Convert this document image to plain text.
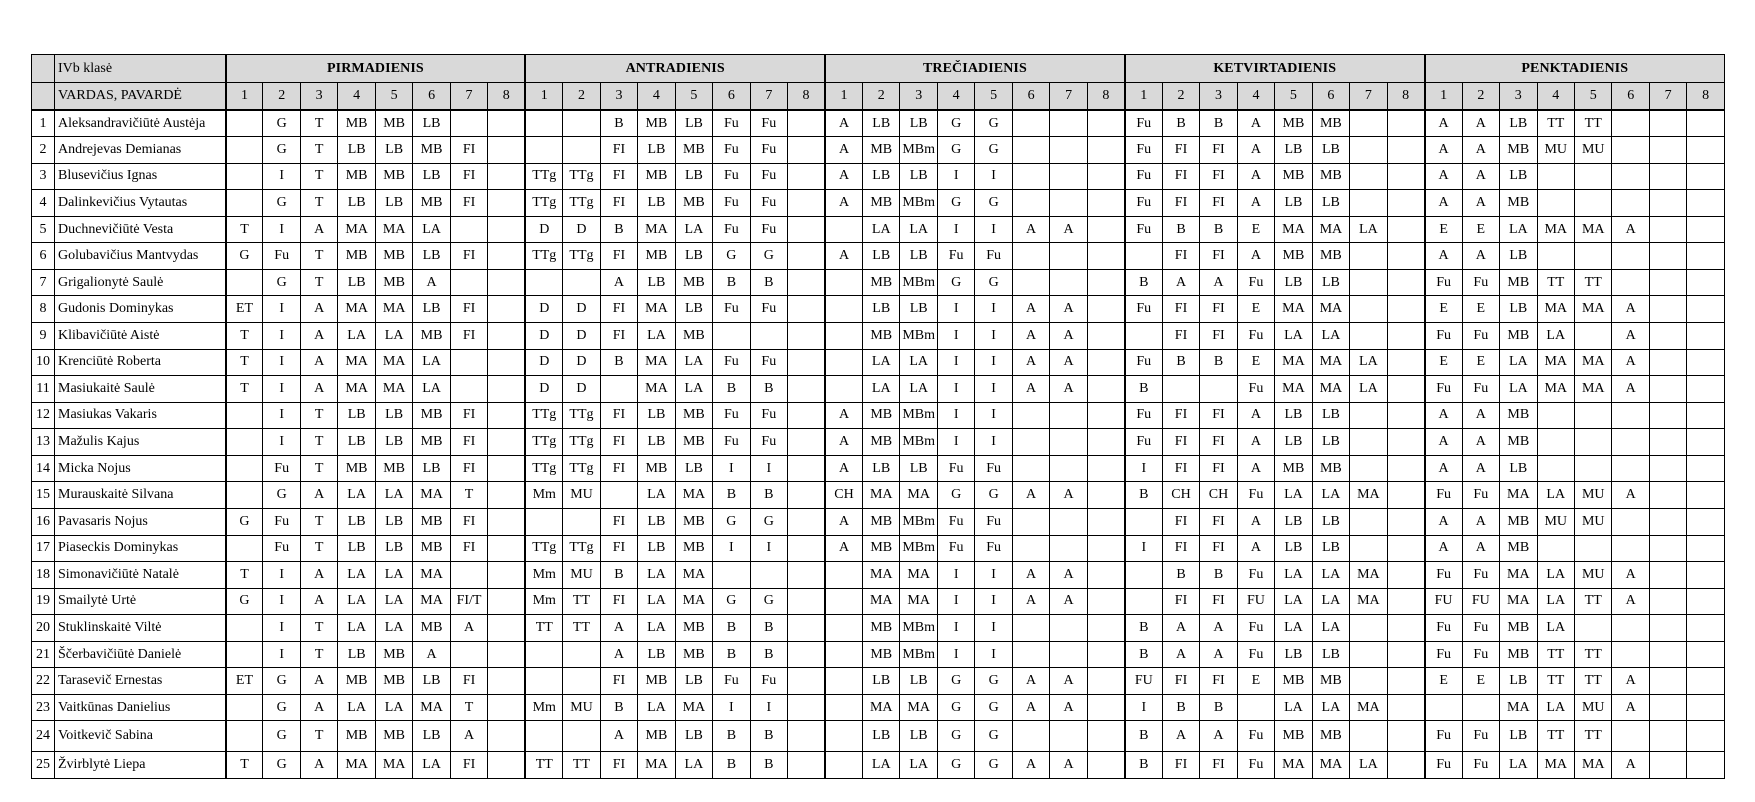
	IVb klasė	PIRMADIENIS								ANTRADIENIS								TREČIADIENIS								KETVIRTADIENIS								PENKTADIENIS							
	VARDAS, PAVARDĖ	1	2	3	4	5	6	7	8	1	2	3	4	5	6	7	8	1	2	3	4	5	6	7	8	1	2	3	4	5	6	7	8	1	2	3	4	5	6	7	8
1	Aleksandravičiūtė Austėja		G	T	MB	MB	LB					B	MB	LB	Fu	Fu		A	LB	LB	G	G				Fu	B	B	A	MB	MB			A	A	LB	TT	TT			
2	Andrejevas Demianas		G	T	LB	LB	MB	FI				FI	LB	MB	Fu	Fu		A	MB	MBm	G	G				Fu	FI	FI	A	LB	LB			A	A	MB	MU	MU			
3	Blusevičius Ignas		I	T	MB	MB	LB	FI		TTg	TTg	FI	MB	LB	Fu	Fu		A	LB	LB	I	I				Fu	FI	FI	A	MB	MB			A	A	LB					
4	Dalinkevičius Vytautas		G	T	LB	LB	MB	FI		TTg	TTg	FI	LB	MB	Fu	Fu		A	MB	MBm	G	G				Fu	FI	FI	A	LB	LB			A	A	MB					
5	Duchnevičiūtė Vesta	T	I	A	MA	MA	LA			D	D	B	MA	LA	Fu	Fu			LA	LA	I	I	A	A		Fu	B	B	E	MA	MA	LA		E	E	LA	MA	MA	A		
6	Golubavičius Mantvydas	G	Fu	T	MB	MB	LB	FI		TTg	TTg	FI	MB	LB	G	G		A	LB	LB	Fu	Fu					FI	FI	A	MB	MB			A	A	LB					
7	Grigalionytė Saulė		G	T	LB	MB	A					A	LB	MB	B	B			MB	MBm	G	G				B	A	A	Fu	LB	LB			Fu	Fu	MB	TT	TT			
8	Gudonis Dominykas	ET	I	A	MA	MA	LB	FI		D	D	FI	MA	LB	Fu	Fu			LB	LB	I	I	A	A		Fu	FI	FI	E	MA	MA			E	E	LB	MA	MA	A		
9	Klibavičiūtė Aistė	T	I	A	LA	LA	MB	FI		D	D	FI	LA	MB					MB	MBm	I	I	A	A			FI	FI	Fu	LA	LA			Fu	Fu	MB	LA		A		
10	Krenciūtė Roberta	T	I	A	MA	MA	LA			D	D	B	MA	LA	Fu	Fu			LA	LA	I	I	A	A		Fu	B	B	E	MA	MA	LA		E	E	LA	MA	MA	A		
11	Masiukaitė Saulė	T	I	A	MA	MA	LA			D	D		MA	LA	B	B			LA	LA	I	I	A	A		B			Fu	MA	MA	LA		Fu	Fu	LA	MA	MA	A		
12	Masiukas Vakaris		I	T	LB	LB	MB	FI		TTg	TTg	FI	LB	MB	Fu	Fu		A	MB	MBm	I	I				Fu	FI	FI	A	LB	LB			A	A	MB					
13	Mažulis Kajus		I	T	LB	LB	MB	FI		TTg	TTg	FI	LB	MB	Fu	Fu		A	MB	MBm	I	I				Fu	FI	FI	A	LB	LB			A	A	MB					
14	Micka Nojus		Fu	T	MB	MB	LB	FI		TTg	TTg	FI	MB	LB	I	I		A	LB	LB	Fu	Fu				I	FI	FI	A	MB	MB			A	A	LB					
15	Murauskaitė Silvana		G	A	LA	LA	MA	T		Mm	MU		LA	MA	B	B		CH	MA	MA	G	G	A	A		B	CH	CH	Fu	LA	LA	MA		Fu	Fu	MA	LA	MU	A		
16	Pavasaris Nojus	G	Fu	T	LB	LB	MB	FI				FI	LB	MB	G	G		A	MB	MBm	Fu	Fu					FI	FI	A	LB	LB			A	A	MB	MU	MU			
17	Piaseckis Dominykas		Fu	T	LB	LB	MB	FI		TTg	TTg	FI	LB	MB	I	I		A	MB	MBm	Fu	Fu				I	FI	FI	A	LB	LB			A	A	MB					
18	Simonavičiūtė Natalė	T	I	A	LA	LA	MA			Mm	MU	B	LA	MA					MA	MA	I	I	A	A			B	B	Fu	LA	LA	MA		Fu	Fu	MA	LA	MU	A		
19	Smailytė Urtė	G	I	A	LA	LA	MA	FI/T		Mm	TT	FI	LA	MA	G	G			MA	MA	I	I	A	A			FI	FI	FU	LA	LA	MA		FU	FU	MA	LA	TT	A		
20	Stuklinskaitė Viltė		I	T	LA	LA	MB	A		TT	TT	A	LA	MB	B	B			MB	MBm	I	I				B	A	A	Fu	LA	LA			Fu	Fu	MB	LA				
21	Ščerbavičiūtė Danielė		I	T	LB	MB	A					A	LB	MB	B	B			MB	MBm	I	I				B	A	A	Fu	LB	LB			Fu	Fu	MB	TT	TT			
22	Tarasevič Ernestas	ET	G	A	MB	MB	LB	FI				FI	MB	LB	Fu	Fu			LB	LB	G	G	A	A		FU	FI	FI	E	MB	MB			E	E	LB	TT	TT	A		
23	Vaitkūnas Danielius		G	A	LA	LA	MA	T		Mm	MU	B	LA	MA	I	I			MA	MA	G	G	A	A		I	B	B		LA	LA	MA				MA	LA	MU	A		
24	Voitkevič Sabina		G	T	MB	MB	LB	A				A	MB	LB	B	B			LB	LB	G	G				B	A	A	Fu	MB	MB			Fu	Fu	LB	TT	TT			
25	Žvirblytė Liepa	T	G	A	MA	MA	LA	FI		TT	TT	FI	MA	LA	B	B			LA	LA	G	G	A	A		B	FI	FI	Fu	MA	MA	LA		Fu	Fu	LA	MA	MA	A		
